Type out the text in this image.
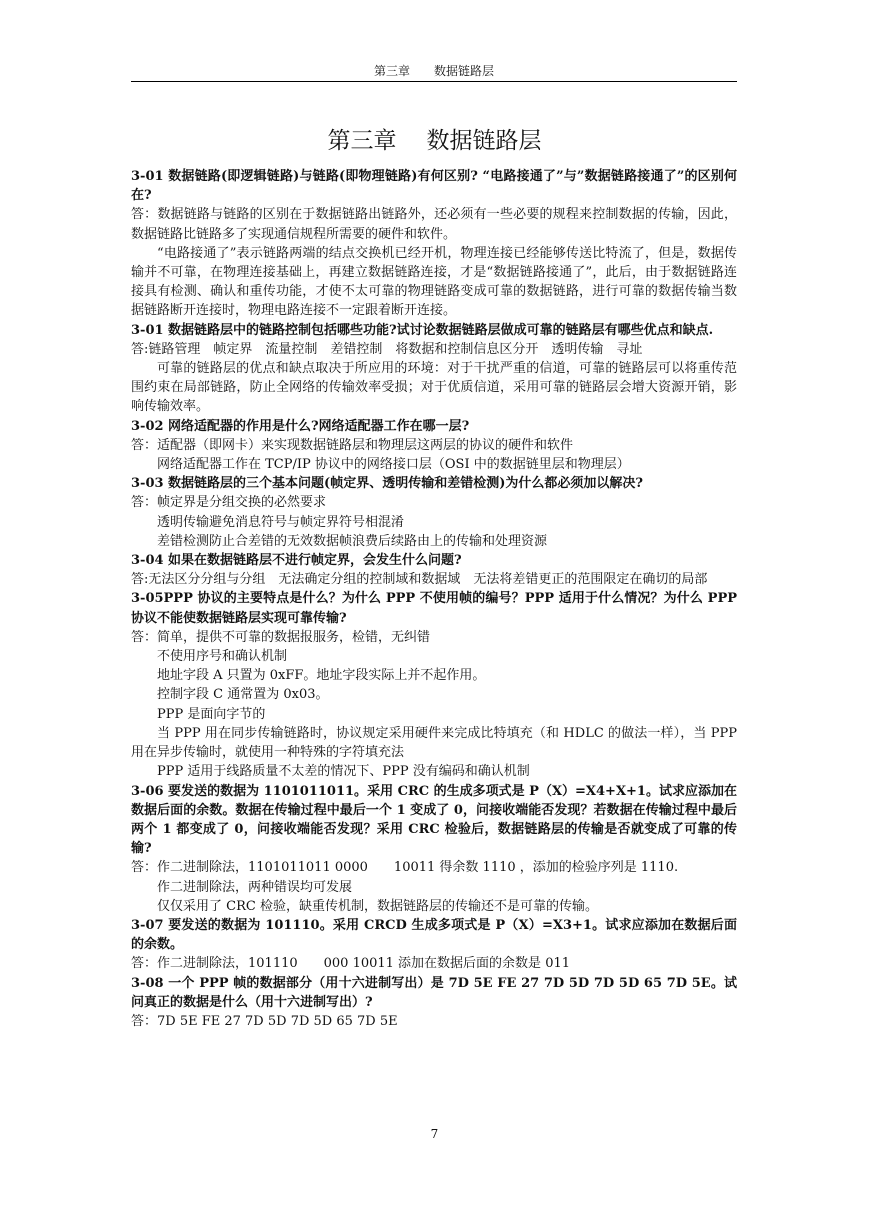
第三章 数据链路层
第三章 数据链路层

3-01 数据链路(即逻辑链路)与链路(即物理链路)有何区别? “电路接通了”与”数据链路接通了”的区别何在?

答：数据链路与链路的区别在于数据链路出链路外，还必须有一些必要的规程来控制数据的传输，因此，数据链路比链路多了实现通信规程所需要的硬件和软件。

“电路接通了”表示链路两端的结点交换机已经开机，物理连接已经能够传送比特流了，但是，数据传输并不可靠，在物理连接基础上，再建立数据链路连接，才是“数据链路接通了”，此后，由于数据链路连接具有检测、确认和重传功能，才使不太可靠的物理链路变成可靠的数据链路，进行可靠的数据传输当数据链路断开连接时，物理电路连接不一定跟着断开连接。

3-01 数据链路层中的链路控制包括哪些功能?试讨论数据链路层做成可靠的链路层有哪些优点和缺点.

答:链路管理　帧定界　流量控制　差错控制　将数据和控制信息区分开　透明传输　寻址

可靠的链路层的优点和缺点取决于所应用的环境：对于干扰严重的信道，可靠的链路层可以将重传范围约束在局部链路，防止全网络的传输效率受损；对于优质信道，采用可靠的链路层会增大资源开销，影响传输效率。

3-02 网络适配器的作用是什么?网络适配器工作在哪一层?

答：适配器（即网卡）来实现数据链路层和物理层这两层的协议的硬件和软件

网络适配器工作在 TCP/IP 协议中的网络接口层（OSI 中的数据链里层和物理层）

3-03 数据链路层的三个基本问题(帧定界、透明传输和差错检测)为什么都必须加以解决?

答：帧定界是分组交换的必然要求

透明传输避免消息符号与帧定界符号相混淆

差错检测防止合差错的无效数据帧浪费后续路由上的传输和处理资源

3-04 如果在数据链路层不进行帧定界，会发生什么问题?

答:无法区分分组与分组　无法确定分组的控制域和数据域　无法将差错更正的范围限定在确切的局部

3-05PPP 协议的主要特点是什么？为什么 PPP 不使用帧的编号？PPP 适用于什么情况？为什么 PPP 协议不能使数据链路层实现可靠传输?

答：简单，提供不可靠的数据报服务，检错，无纠错

不使用序号和确认机制

地址字段 A 只置为 0xFF。地址字段实际上并不起作用。

控制字段 C 通常置为 0x03。

PPP 是面向字节的

当 PPP 用在同步传输链路时，协议规定采用硬件来完成比特填充（和 HDLC 的做法一样），当 PPP 用在异步传输时，就使用一种特殊的字符填充法

PPP 适用于线路质量不太差的情况下、PPP 没有编码和确认机制

3-06 要发送的数据为 1101011011。采用 CRC 的生成多项式是 P（X）=X4+X+1。试求应添加在数据后面的余数。数据在传输过程中最后一个 1 变成了 0，问接收端能否发现？若数据在传输过程中最后两个 1 都变成了 0，问接收端能否发现？采用 CRC 检验后，数据链路层的传输是否就变成了可靠的传输?

答：作二进制除法，1101011011 0000　　10011 得余数 1110 ，添加的检验序列是 1110.

作二进制除法，两种错误均可发展

仅仅采用了 CRC 检验，缺重传机制，数据链路层的传输还不是可靠的传输。

3-07 要发送的数据为 101110。采用 CRCD 生成多项式是 P（X）=X3+1。试求应添加在数据后面的余数。

答：作二进制除法，101110　　000 10011 添加在数据后面的余数是 011

3-08 一个 PPP 帧的数据部分（用十六进制写出）是 7D 5E FE 27 7D 5D 7D 5D 65 7D 5E。试问真正的数据是什么（用十六进制写出）?

答：7D 5E FE 27 7D 5D 7D 5D 65 7D 5E

7
